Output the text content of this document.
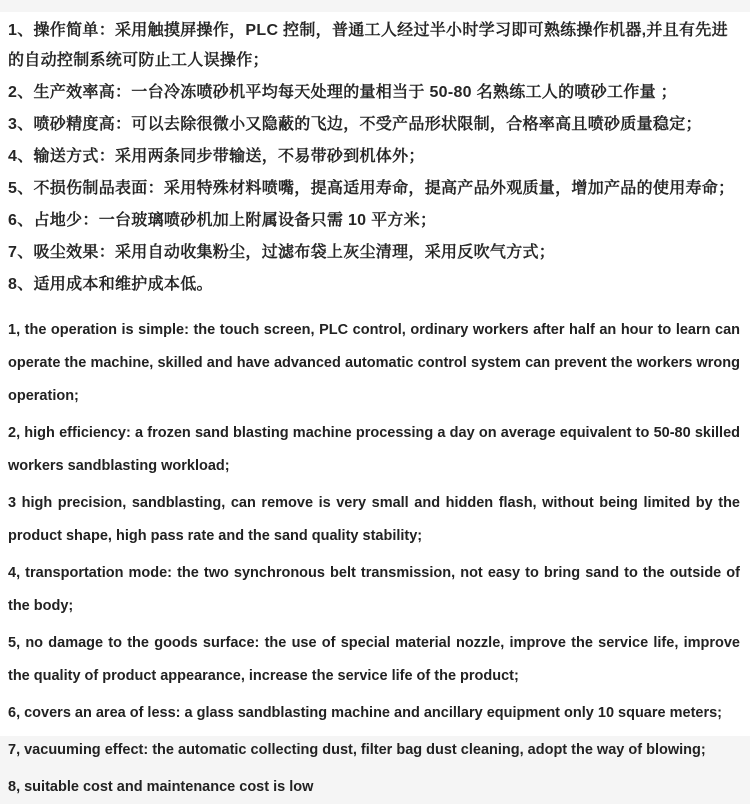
1、操作简单：采用触摸屏操作，PLC 控制，普通工人经过半小时学习即可熟练操作机器,并且有先进的自动控制系统可防止工人误操作；

2、生产效率高：一台冷冻喷砂机平均每天处理的量相当于 50-80 名熟练工人的喷砂工作量 ；

3、喷砂精度高：可以去除很微小又隐蔽的飞边，不受产品形状限制，合格率高且喷砂质量稳定；

4、输送方式：采用两条同步带输送，不易带砂到机体外；

5、不损伤制品表面：采用特殊材料喷嘴，提高适用寿命，提高产品外观质量，增加产品的使用寿命；

6、占地少：一台玻璃喷砂机加上附属设备只需 10 平方米；

7、吸尘效果：采用自动收集粉尘，过滤布袋上灰尘清理，采用反吹气方式；

8、适用成本和维护成本低。

1, the operation is simple: the touch screen, PLC control, ordinary workers after half an hour to learn can operate the machine, skilled and have advanced automatic control system can prevent the workers wrong operation;

2, high efficiency: a frozen sand blasting machine processing a day on average equivalent to 50-80 skilled workers sandblasting workload;

3 high precision, sandblasting, can remove is very small and hidden flash, without being limited by the product shape, high pass rate and the sand quality stability;

4, transportation mode: the two synchronous belt transmission, not easy to bring sand to the outside of the body;

5, no damage to the goods surface: the use of special material nozzle, improve the service life, improve the quality of product appearance, increase the service life of the product;

6, covers an area of less: a glass sandblasting machine and ancillary equipment only 10 square meters;

7, vacuuming effect: the automatic collecting dust, filter bag dust cleaning, adopt the way of blowing;

8, suitable cost and maintenance cost is low
